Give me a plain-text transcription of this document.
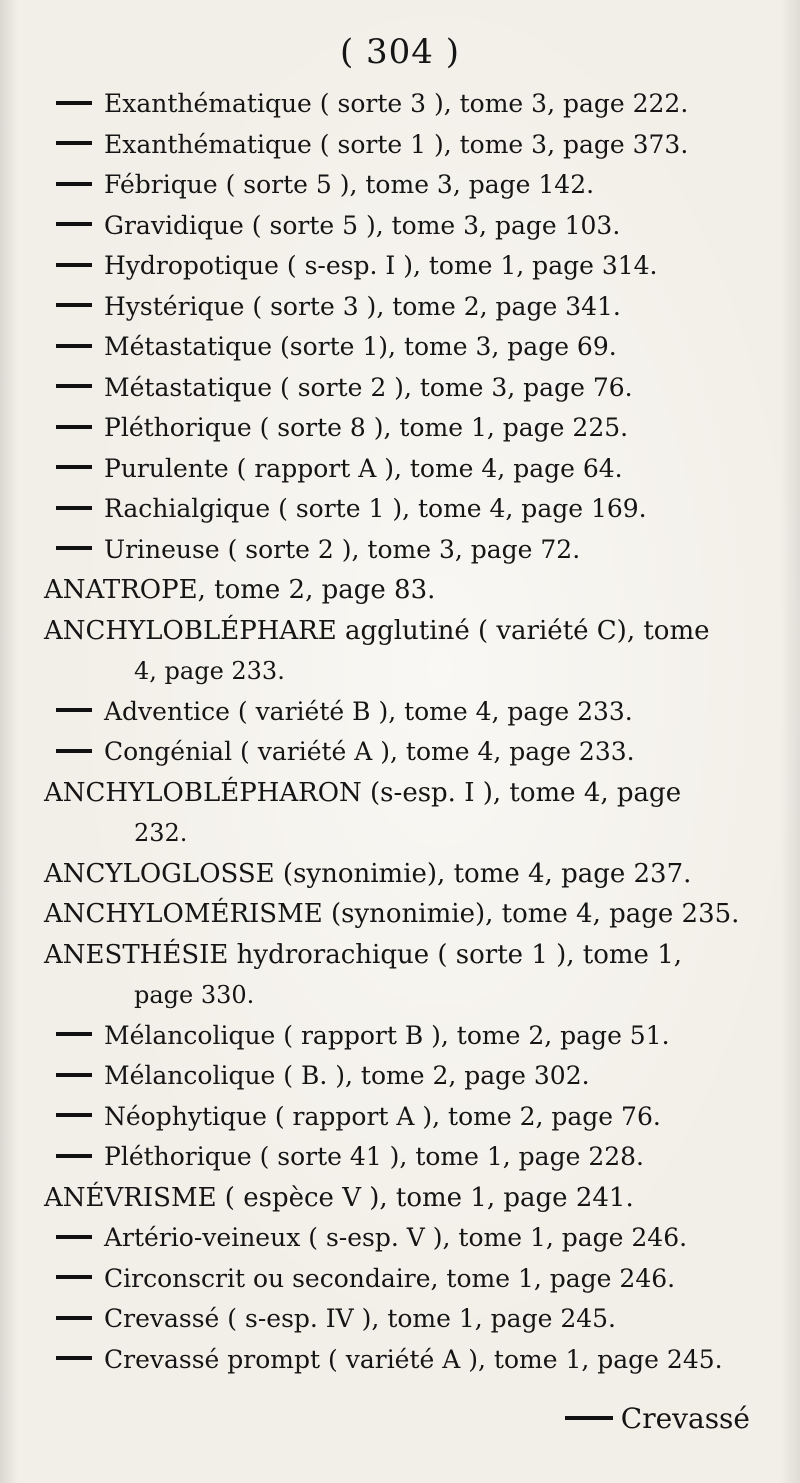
( 304 )
Exanthématique ( sorte 3 ), tome 3, page 222.
Exanthématique ( sorte 1 ), tome 3, page 373.
Fébrique ( sorte 5 ), tome 3, page 142.
Gravidique ( sorte 5 ), tome 3, page 103.
Hydropotique ( s-esp. I ), tome 1, page 314.
Hystérique ( sorte 3 ), tome 2, page 341.
Métastatique (sorte 1), tome 3, page 69.
Métastatique ( sorte 2 ), tome 3, page 76.
Pléthorique ( sorte 8 ), tome 1, page 225.
Purulente ( rapport A ), tome 4, page 64.
Rachialgique ( sorte 1 ), tome 4, page 169.
Urineuse ( sorte 2 ), tome 3, page 72.
ANATROPE, tome 2, page 83.
ANCHYLOBLÉPHARE agglutiné ( variété C), tome
4, page 233.
Adventice ( variété B ), tome 4, page 233.
Congénial ( variété A ), tome 4, page 233.
ANCHYLOBLÉPHARON (s-esp. I ), tome 4, page
232.
ANCYLOGLOSSE (synonimie), tome 4, page 237.
ANCHYLOMÉRISME (synonimie), tome 4, page 235.
ANESTHÉSIE hydrorachique ( sorte 1 ), tome 1,
page 330.
Mélancolique ( rapport B ), tome 2, page 51.
Mélancolique ( B. ), tome 2, page 302.
Néophytique ( rapport A ), tome 2, page 76.
Pléthorique ( sorte 41 ), tome 1, page 228.
ANÉVRISME ( espèce V ), tome 1, page 241.
Artério-veineux ( s-esp. V ), tome 1, page 246.
Circonscrit ou secondaire, tome 1, page 246.
Crevassé ( s-esp. IV ), tome 1, page 245.
Crevassé prompt ( variété A ), tome 1, page 245.
Crevassé
